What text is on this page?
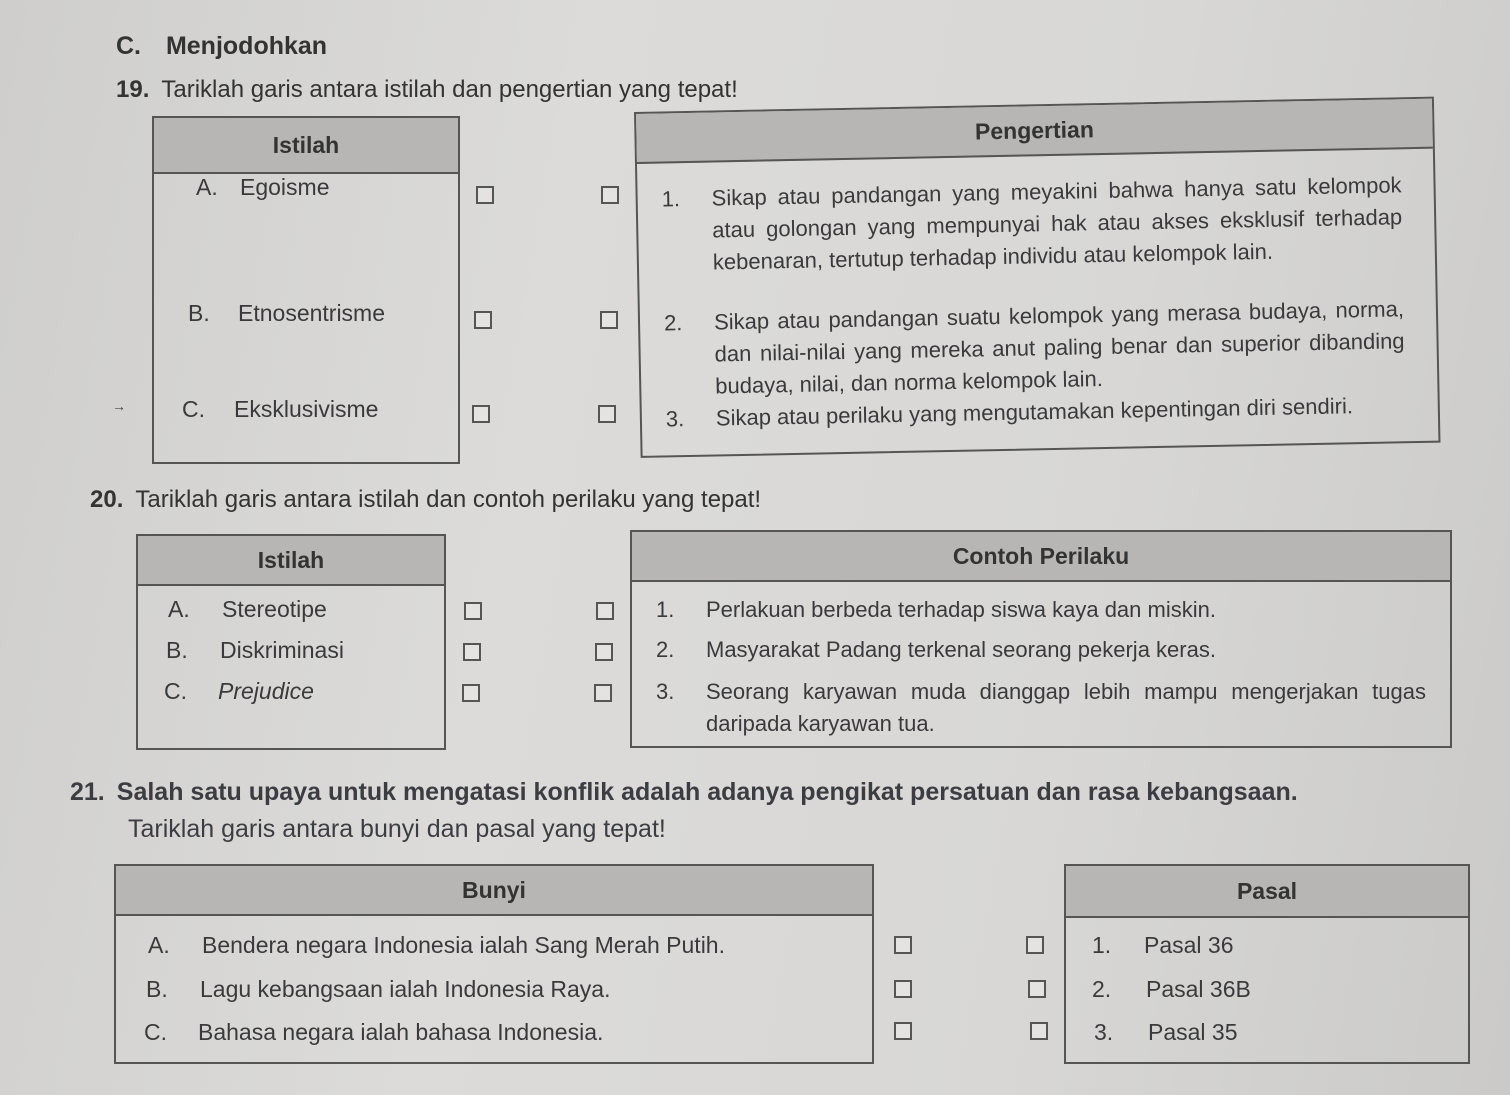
C. Menjodohkan
19. Tariklah garis antara istilah dan pengertian yang tepat!
Istilah
A. Egoisme
B. Etnosentrisme
C. Eksklusivisme
→
Pengertian
1. Sikap atau pandangan yang meyakini bahwa hanya satu kelompok atau golongan yang mempunyai hak atau akses eksklusif terhadap kebenaran, tertutup terhadap individu atau kelompok lain.
2. Sikap atau pandangan suatu kelompok yang merasa budaya, norma, dan nilai-nilai yang mereka anut paling benar dan superior dibanding budaya, nilai, dan norma kelompok lain.
3. Sikap atau perilaku yang mengutamakan kepentingan diri sendiri.
20. Tariklah garis antara istilah dan contoh perilaku yang tepat!
Istilah
A. Stereotipe
B. Diskriminasi
C. Prejudice
Contoh Perilaku
1. Perlakuan berbeda terhadap siswa kaya dan miskin.
2. Masyarakat Padang terkenal seorang pekerja keras.
3. Seorang karyawan muda dianggap lebih mampu mengerjakan tugas daripada karyawan tua.
21. Salah satu upaya untuk mengatasi konflik adalah adanya pengikat persatuan dan rasa kebangsaan.
Tariklah garis antara bunyi dan pasal yang tepat!
Bunyi
A. Bendera negara Indonesia ialah Sang Merah Putih.
B. Lagu kebangsaan ialah Indonesia Raya.
C. Bahasa negara ialah bahasa Indonesia.
Pasal
1. Pasal 36
2. Pasal 36B
3. Pasal 35
